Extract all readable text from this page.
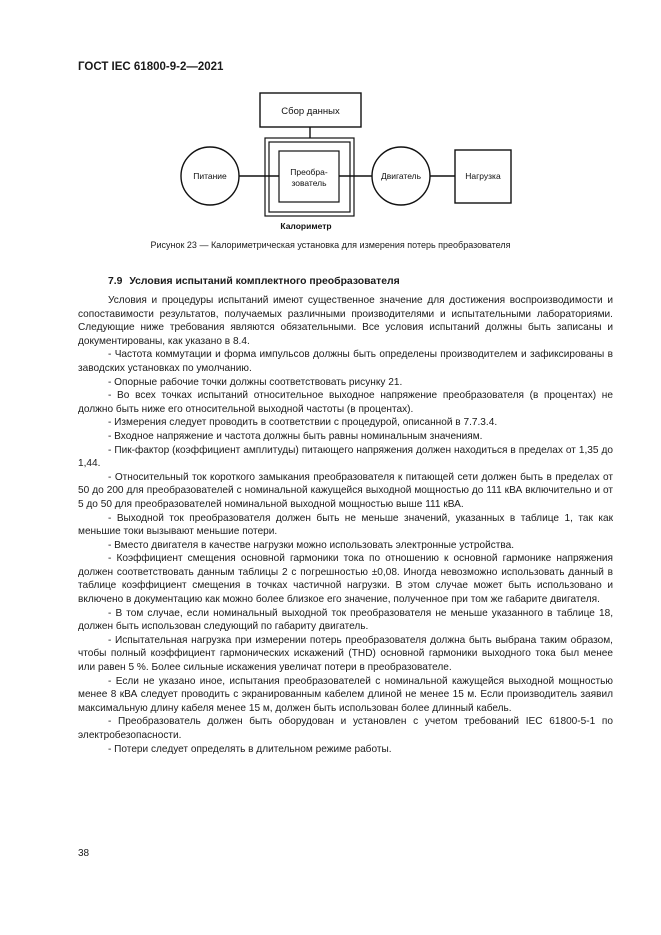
ГОСТ IEC 61800-9-2—2021
Сбор данных
Преобра-
зователь
Калориметр
Питание	Двигатель	Нагрузка
Рисунок 23 — Калориметрическая установка для измерения потерь преобразователя
7.9 Условия испытаний комплектного преобразователя

Условия и процедуры испытаний имеют существенное значение для достижения воспроизводимости и сопоставимости результатов, получаемых различными производителями и испытательными лабораториями. Следующие ниже требования являются обязательными. Все условия испытаний должны быть записаны и документированы, как указано в 8.4.

- Частота коммутации и форма импульсов должны быть определены производителем и зафиксированы в заводских установках по умолчанию.

- Опорные рабочие точки должны соответствовать рисунку 21.

- Во всех точках испытаний относительное выходное напряжение преобразователя (в процентах) не должно быть ниже его относительной выходной частоты (в процентах).

- Измерения следует проводить в соответствии с процедурой, описанной в 7.7.3.4.

- Входное напряжение и частота должны быть равны номинальным значениям.

- Пик-фактор (коэффициент амплитуды) питающего напряжения должен находиться в пределах от 1,35 до 1,44.

- Относительный ток короткого замыкания преобразователя к питающей сети должен быть в пределах от 50 до 200 для преобразователей с номинальной кажущейся выходной мощностью до 111 кВА включительно и от 5 до 50 для преобразователей номинальной выходной мощностью выше 111 кВА.

- Выходной ток преобразователя должен быть не меньше значений, указанных в таблице 1, так как меньшие токи вызывают меньшие потери.

- Вместо двигателя в качестве нагрузки можно использовать электронные устройства.

- Коэффициент смещения основной гармоники тока по отношению к основной гармонике напряжения должен соответствовать данным таблицы 2 с погрешностью ±0,08. Иногда невозможно использовать данный в таблице коэффициент смещения в точках частичной нагрузки. В этом случае может быть использовано и включено в документацию как можно более близкое его значение, полученное при том же габарите двигателя.

- В том случае, если номинальный выходной ток преобразователя не меньше указанного в таблице 18, должен быть использован следующий по габариту двигатель.

- Испытательная нагрузка при измерении потерь преобразователя должна быть выбрана таким образом, чтобы полный коэффициент гармонических искажений (THD) основной гармоники выходного тока был менее или равен 5 %. Более сильные искажения увеличат потери в преобразователе.

- Если не указано иное, испытания преобразователей с номинальной кажущейся выходной мощностью менее 8 кВА следует проводить с экранированным кабелем длиной не менее 15 м. Если производитель заявил максимальную длину кабеля менее 15 м, должен быть использован более длинный кабель.

- Преобразователь должен быть оборудован и установлен с учетом требований IEC 61800-5-1 по электробезопасности.

- Потери следует определять в длительном режиме работы.

38
